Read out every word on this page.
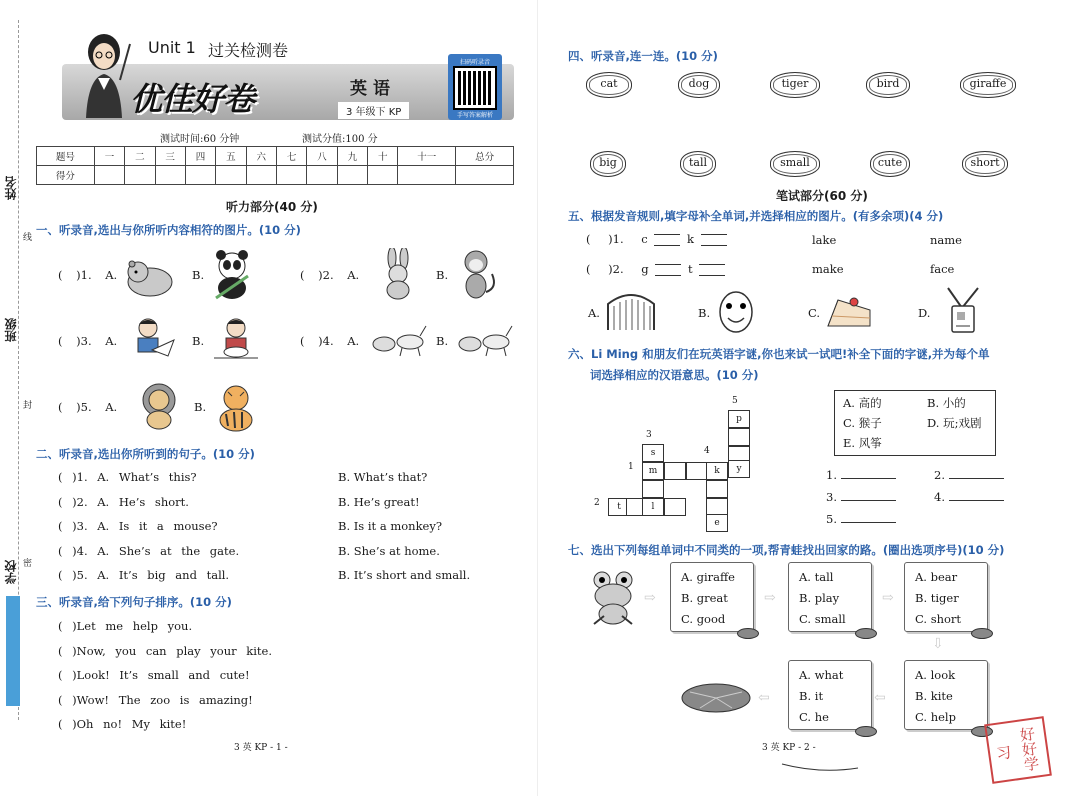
姓名
班级
学校
线
封
密
Unit 1 过关检测卷
优佳好卷	英语
3 年级下 KP
扫码听录音
手写答案解析
测试时间:60 分钟	测试分值:100 分
题号	一	二	三	四	五	六	七	八	九	十	十一	总分
得分												
听力部分(40 分)
一、听录音,选出与你所听内容相符的图片。(10 分)
( )1. A.	B.	( )2. A.	B.
( )3. A.	B.	( )4. A.	B.
( )5. A.	B.
二、听录音,选出你所听到的句子。(10 分)
( )1. A. What’s this?	B. What’s that?
( )2. A. He’s short.	B. He’s great!
( )3. A. Is it a mouse?	B. Is it a monkey?
( )4. A. She’s at the gate.	B. She’s at home.
( )5. A. It’s big and tall.	B. It’s short and small.
三、听录音,给下列句子排序。(10 分)
( )Let me help you.
( )Now, you can play your kite.
( )Look! It’s small and cute!
( )Wow! The zoo is amazing!
( )Oh no! My kite!
3 英 KP - 1 -
四、听录音,连一连。(10 分)
cat	dog	tiger	bird	giraffe
big	tall	small	cute	short
笔试部分(60 分)
五、根据发音规则,填字母补全单词,并选择相应的图片。(有多余项)(4 分)
( )1. c	k
( )2. g	t
lake	name
make	face
A.	B.	C.	D.
六、Li Ming 和朋友们在玩英语字谜,你也来试一试吧!补全下面的字谜,并为每个单
词选择相应的汉语意思。(10 分)
5
p
y
3
s	4
1	m	k
2	t	l
e
A. 高的	B. 小的
C. 猴子	D. 玩;戏剧
E. 风筝
1.	2.
3.	4.
5.
七、选出下列每组单词中不同类的一项,帮青蛙找出回家的路。(圈出选项序号)(10 分)
⇨	⇨	⇨
⇩
⇦
⇦
A. giraffe
B. great
C. good
A. tall
B. play
C. small
A. bear
B. tiger
C. short
A. look
B. kite
C. help
A. what
B. it
C. he
3 英 KP - 2 -	好好学习
